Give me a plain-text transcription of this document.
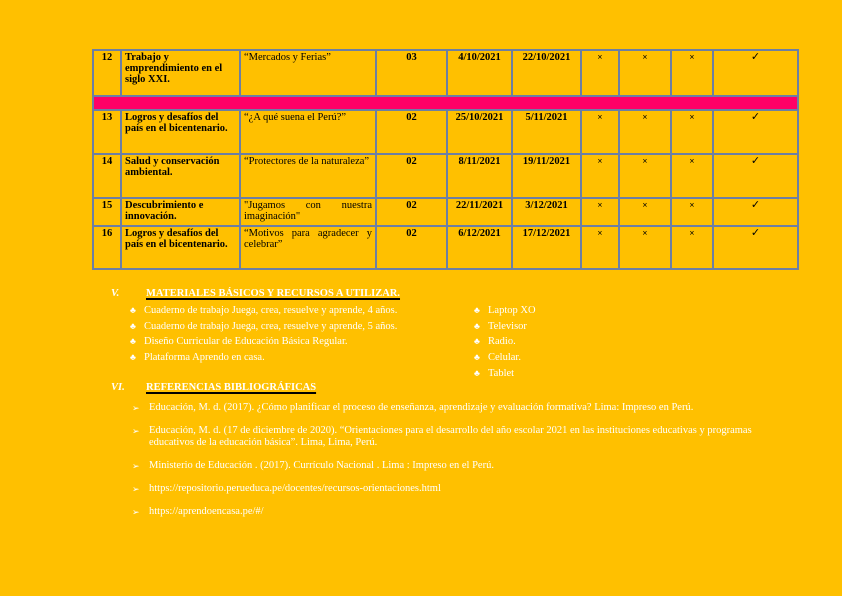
12	Trabajo y emprendimiento en el siglo XXI.	“Mercados y Ferias”	03	4/10/2021	22/10/2021	×	×	×	✓

13	Logros y desafíos del país en el bicentenario.	“¿A qué suena el Perú?”	02	25/10/2021	5/11/2021	×	×	×	✓
14	Salud y conservación ambiental.	“Protectores de la naturaleza”	02	8/11/2021	19/11/2021	×	×	×	✓
15	Descubrimiento e innovación.	"Jugamos con nuestra imaginación"	02	22/11/2021	3/12/2021	×	×	×	✓
16	Logros y desafíos del país en el bicentenario.	“Motivos para agradecer y celebrar”	02	6/12/2021	17/12/2021	×	×	×	✓
V.	MATERIALES BÁSICOS Y RECURSOS A UTILIZAR.
♣ Cuaderno de trabajo Juega, crea, resuelve y aprende, 4 años.
♣ Cuaderno de trabajo Juega, crea, resuelve y aprende, 5 años.
♣ Diseño Curricular de Educación Básica Regular.
♣ Plataforma Aprendo en casa.
♣ Laptop XO
♣ Televisor
♣ Radio.
♣ Celular.
♣ Tablet
VI. REFERENCIAS BIBLIOGRÁFICAS
➢ Educación, M. d. (2017). ¿Cómo planificar el proceso de enseñanza, aprendizaje y evaluación formativa? Lima: Impreso en Perú.
➢ Educación, M. d. (17 de diciembre de 2020). “Orientaciones para el desarrollo del año escolar 2021 en las instituciones educativas y programas educativos de la educación básica”. Lima, Lima, Perú.
➢ Ministerio de Educación . (2017). Currículo Nacional . Lima : Impreso en el Perú.
➢ https://repositorio.perueduca.pe/docentes/recursos-orientaciones.html
➢ https://aprendoencasa.pe/#/
